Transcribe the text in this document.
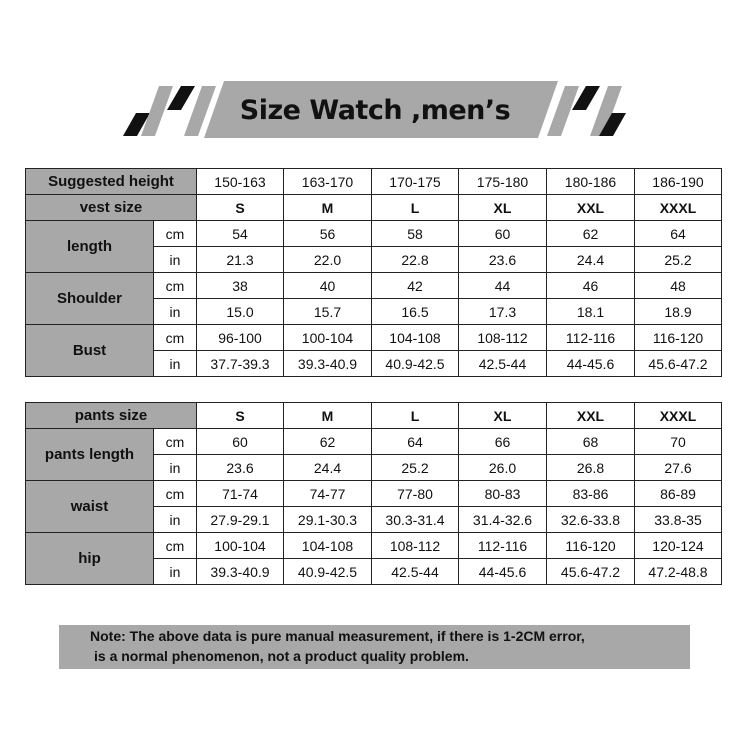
Size Watch ,men’s
Suggested height		150-163	163-170	170-175	175-180	180-186	186-190
vest size		S	M	L	XL	XXL	XXXL
length	cm	54	56	58	60	62	64
	in	21.3	22.0	22.8	23.6	24.4	25.2
Shoulder	cm	38	40	42	44	46	48
	in	15.0	15.7	16.5	17.3	18.1	18.9
Bust	cm	96-100	100-104	104-108	108-112	112-116	116-120
	in	37.7-39.3	39.3-40.9	40.9-42.5	42.5-44	44-45.6	45.6-47.2
pants size		S	M	L	XL	XXL	XXXL
pants length	cm	60	62	64	66	68	70
	in	23.6	24.4	25.2	26.0	26.8	27.6
waist	cm	71-74	74-77	77-80	80-83	83-86	86-89
	in	27.9-29.1	29.1-30.3	30.3-31.4	31.4-32.6	32.6-33.8	33.8-35
hip	cm	100-104	104-108	108-112	112-116	116-120	120-124
	in	39.3-40.9	40.9-42.5	42.5-44	44-45.6	45.6-47.2	47.2-48.8
Note: The above data is pure manual measurement, if there is 1-2CM error,
is a normal phenomenon, not a product quality problem.
